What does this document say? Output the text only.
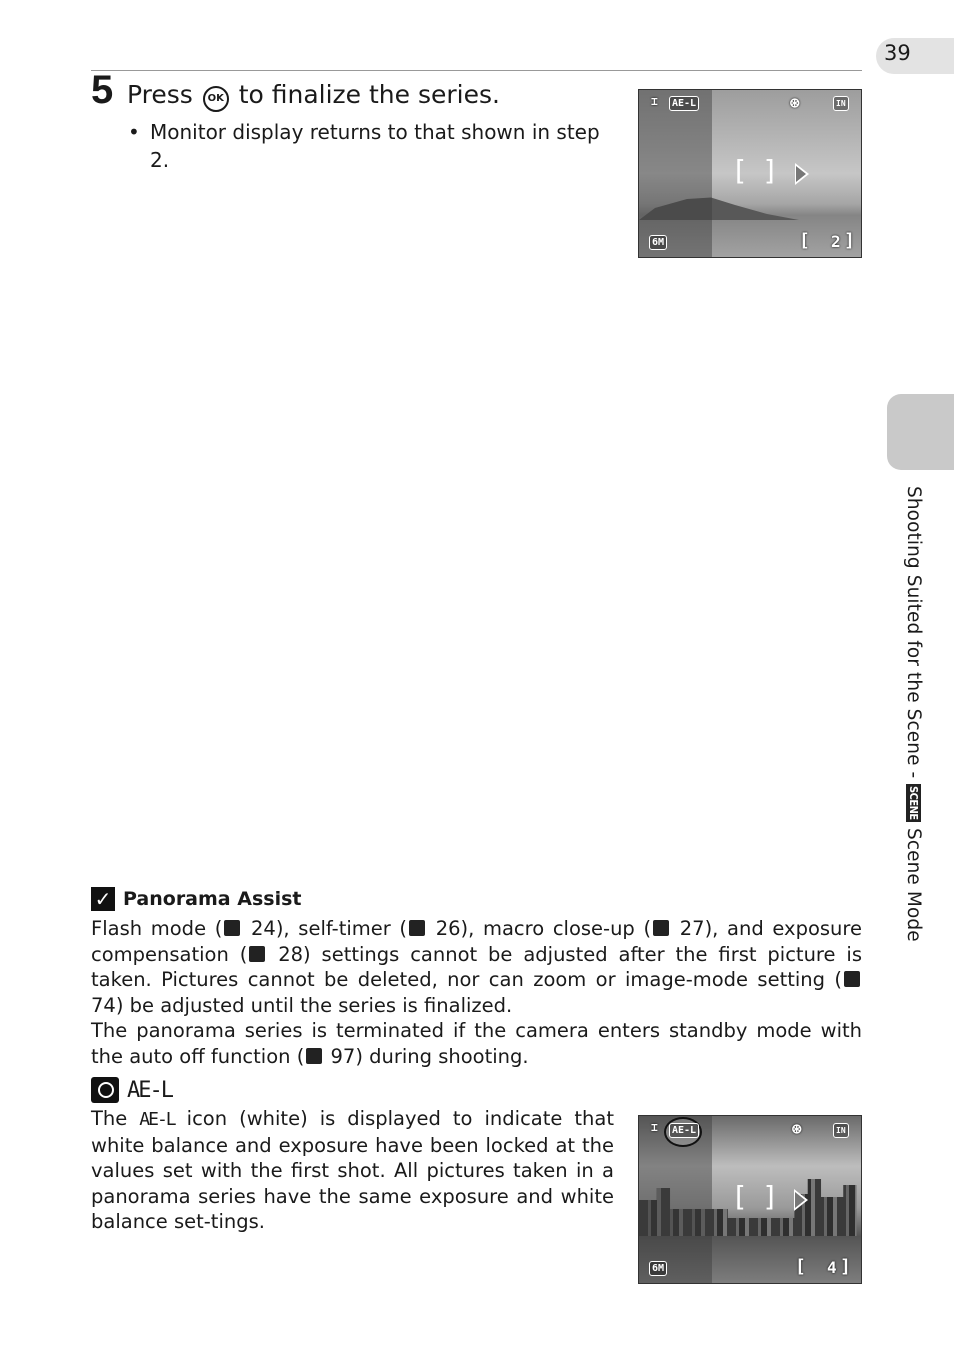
39
Shooting Suited for the Scene - SCENE Scene Mode
5 Press OK to finalize the series.
• Monitor display returns to that shown in step 2.
⌶	AE-L	⊛	IN
[]
6M	[ 2 ]
✓ Panorama Assist
Flash mode ( 24), self-timer ( 26), macro close-up ( 27), and exposure compensation ( 28) settings cannot be adjusted after the first picture is taken. Pictures cannot be deleted, nor can zoom or image-mode setting ( 74) be adjusted until the series is finalized.
The panorama series is terminated if the camera enters standby mode with the auto off function ( 97) during shooting.
AE-L
The AE-L icon (white) is displayed to indicate that white balance and exposure have been locked at the values set with the first shot. All pictures taken in a panorama series have the same exposure and white balance set-tings.
⌶	AE-L	⊛	IN
[]
6M	[ 4 ]
